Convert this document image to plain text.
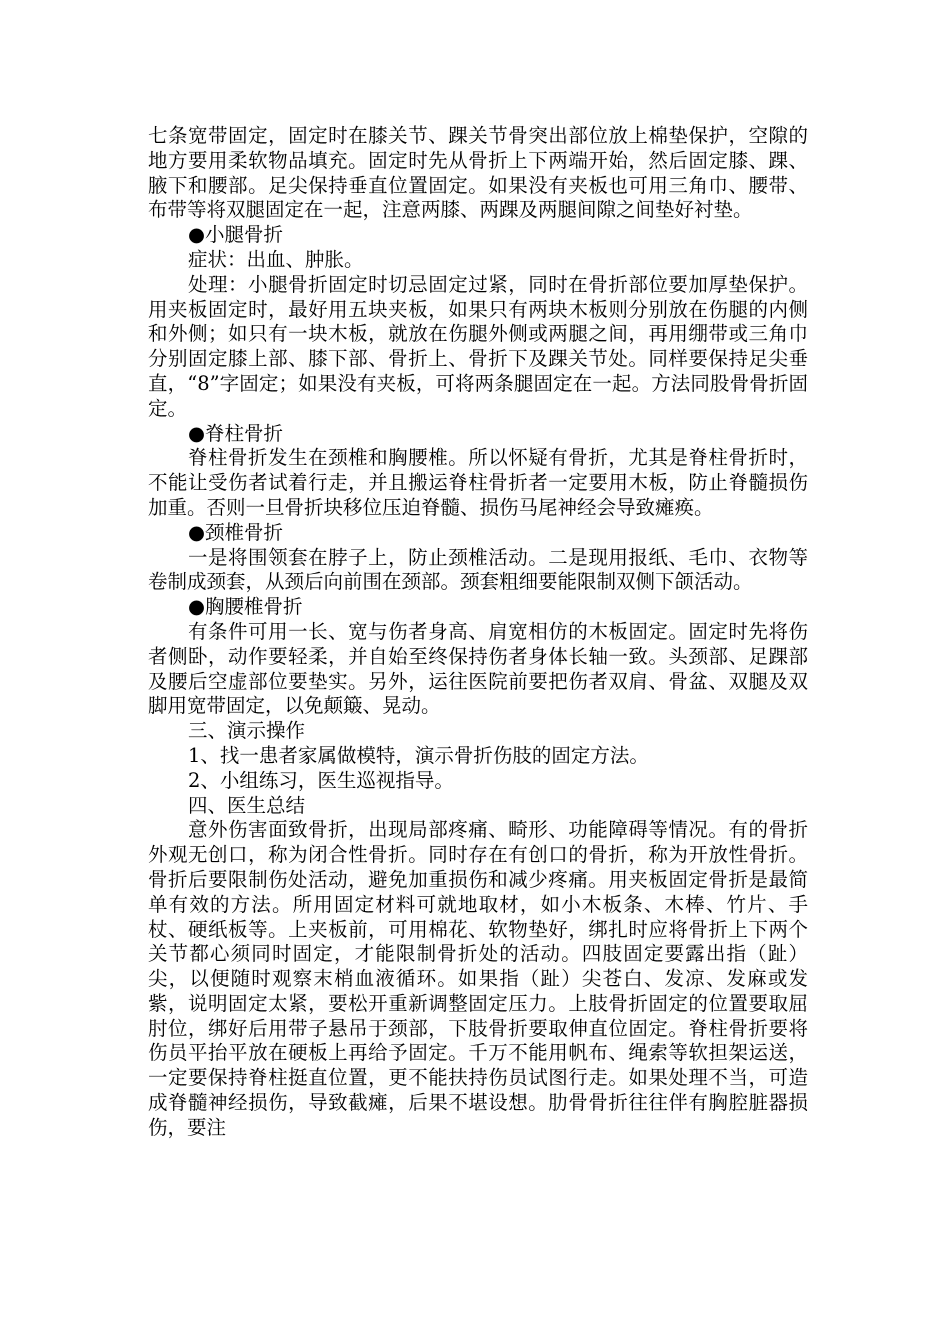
七条宽带固定，固定时在膝关节、踝关节骨突出部位放上棉垫保护，空隙的地方要用柔软物品填充。固定时先从骨折上下两端开始，然后固定膝、踝、腋下和腰部。足尖保持垂直位置固定。如果没有夹板也可用三角巾、腰带、布带等将双腿固定在一起，注意两膝、两踝及两腿间隙之间垫好衬垫。

●小腿骨折

症状：出血、肿胀。

处理：小腿骨折固定时切忌固定过紧，同时在骨折部位要加厚垫保护。用夹板固定时，最好用五块夹板，如果只有两块木板则分别放在伤腿的内侧和外侧；如只有一块木板，就放在伤腿外侧或两腿之间，再用绷带或三角巾分别固定膝上部、膝下部、骨折上、骨折下及踝关节处。同样要保持足尖垂直，“8”字固定；如果没有夹板，可将两条腿固定在一起。方法同股骨骨折固定。

●脊柱骨折

脊柱骨折发生在颈椎和胸腰椎。所以怀疑有骨折，尤其是脊柱骨折时，不能让受伤者试着行走，并且搬运脊柱骨折者一定要用木板，防止脊髓损伤加重。否则一旦骨折块移位压迫脊髓、损伤马尾神经会导致瘫痪。

●颈椎骨折

一是将围领套在脖子上，防止颈椎活动。二是现用报纸、毛巾、衣物等卷制成颈套，从颈后向前围在颈部。颈套粗细要能限制双侧下颌活动。

●胸腰椎骨折

有条件可用一长、宽与伤者身高、肩宽相仿的木板固定。固定时先将伤者侧卧，动作要轻柔，并自始至终保持伤者身体长轴一致。头颈部、足踝部及腰后空虚部位要垫实。另外，运往医院前要把伤者双肩、骨盆、双腿及双脚用宽带固定，以免颠簸、晃动。

三、演示操作

1、找一患者家属做模特，演示骨折伤肢的固定方法。

2、小组练习，医生巡视指导。

四、医生总结

意外伤害面致骨折，出现局部疼痛、畸形、功能障碍等情况。有的骨折外观无创口，称为闭合性骨折。同时存在有创口的骨折，称为开放性骨折。骨折后要限制伤处活动，避免加重损伤和减少疼痛。用夹板固定骨折是最简单有效的方法。所用固定材料可就地取材，如小木板条、木棒、竹片、手杖、硬纸板等。上夹板前，可用棉花、软物垫好，绑扎时应将骨折上下两个关节都心须同时固定，才能限制骨折处的活动。四肢固定要露出指（趾）尖，以便随时观察末梢血液循环。如果指（趾）尖苍白、发凉、发麻或发紫，说明固定太紧，要松开重新调整固定压力。上肢骨折固定的位置要取屈肘位，绑好后用带子悬吊于颈部，下肢骨折要取伸直位固定。脊柱骨折要将伤员平抬平放在硬板上再给予固定。千万不能用帆布、绳索等软担架运送，一定要保持脊柱挺直位置，更不能扶持伤员试图行走。如果处理不当，可造成脊髓神经损伤，导致截瘫，后果不堪设想。肋骨骨折往往伴有胸腔脏器损伤，要注
